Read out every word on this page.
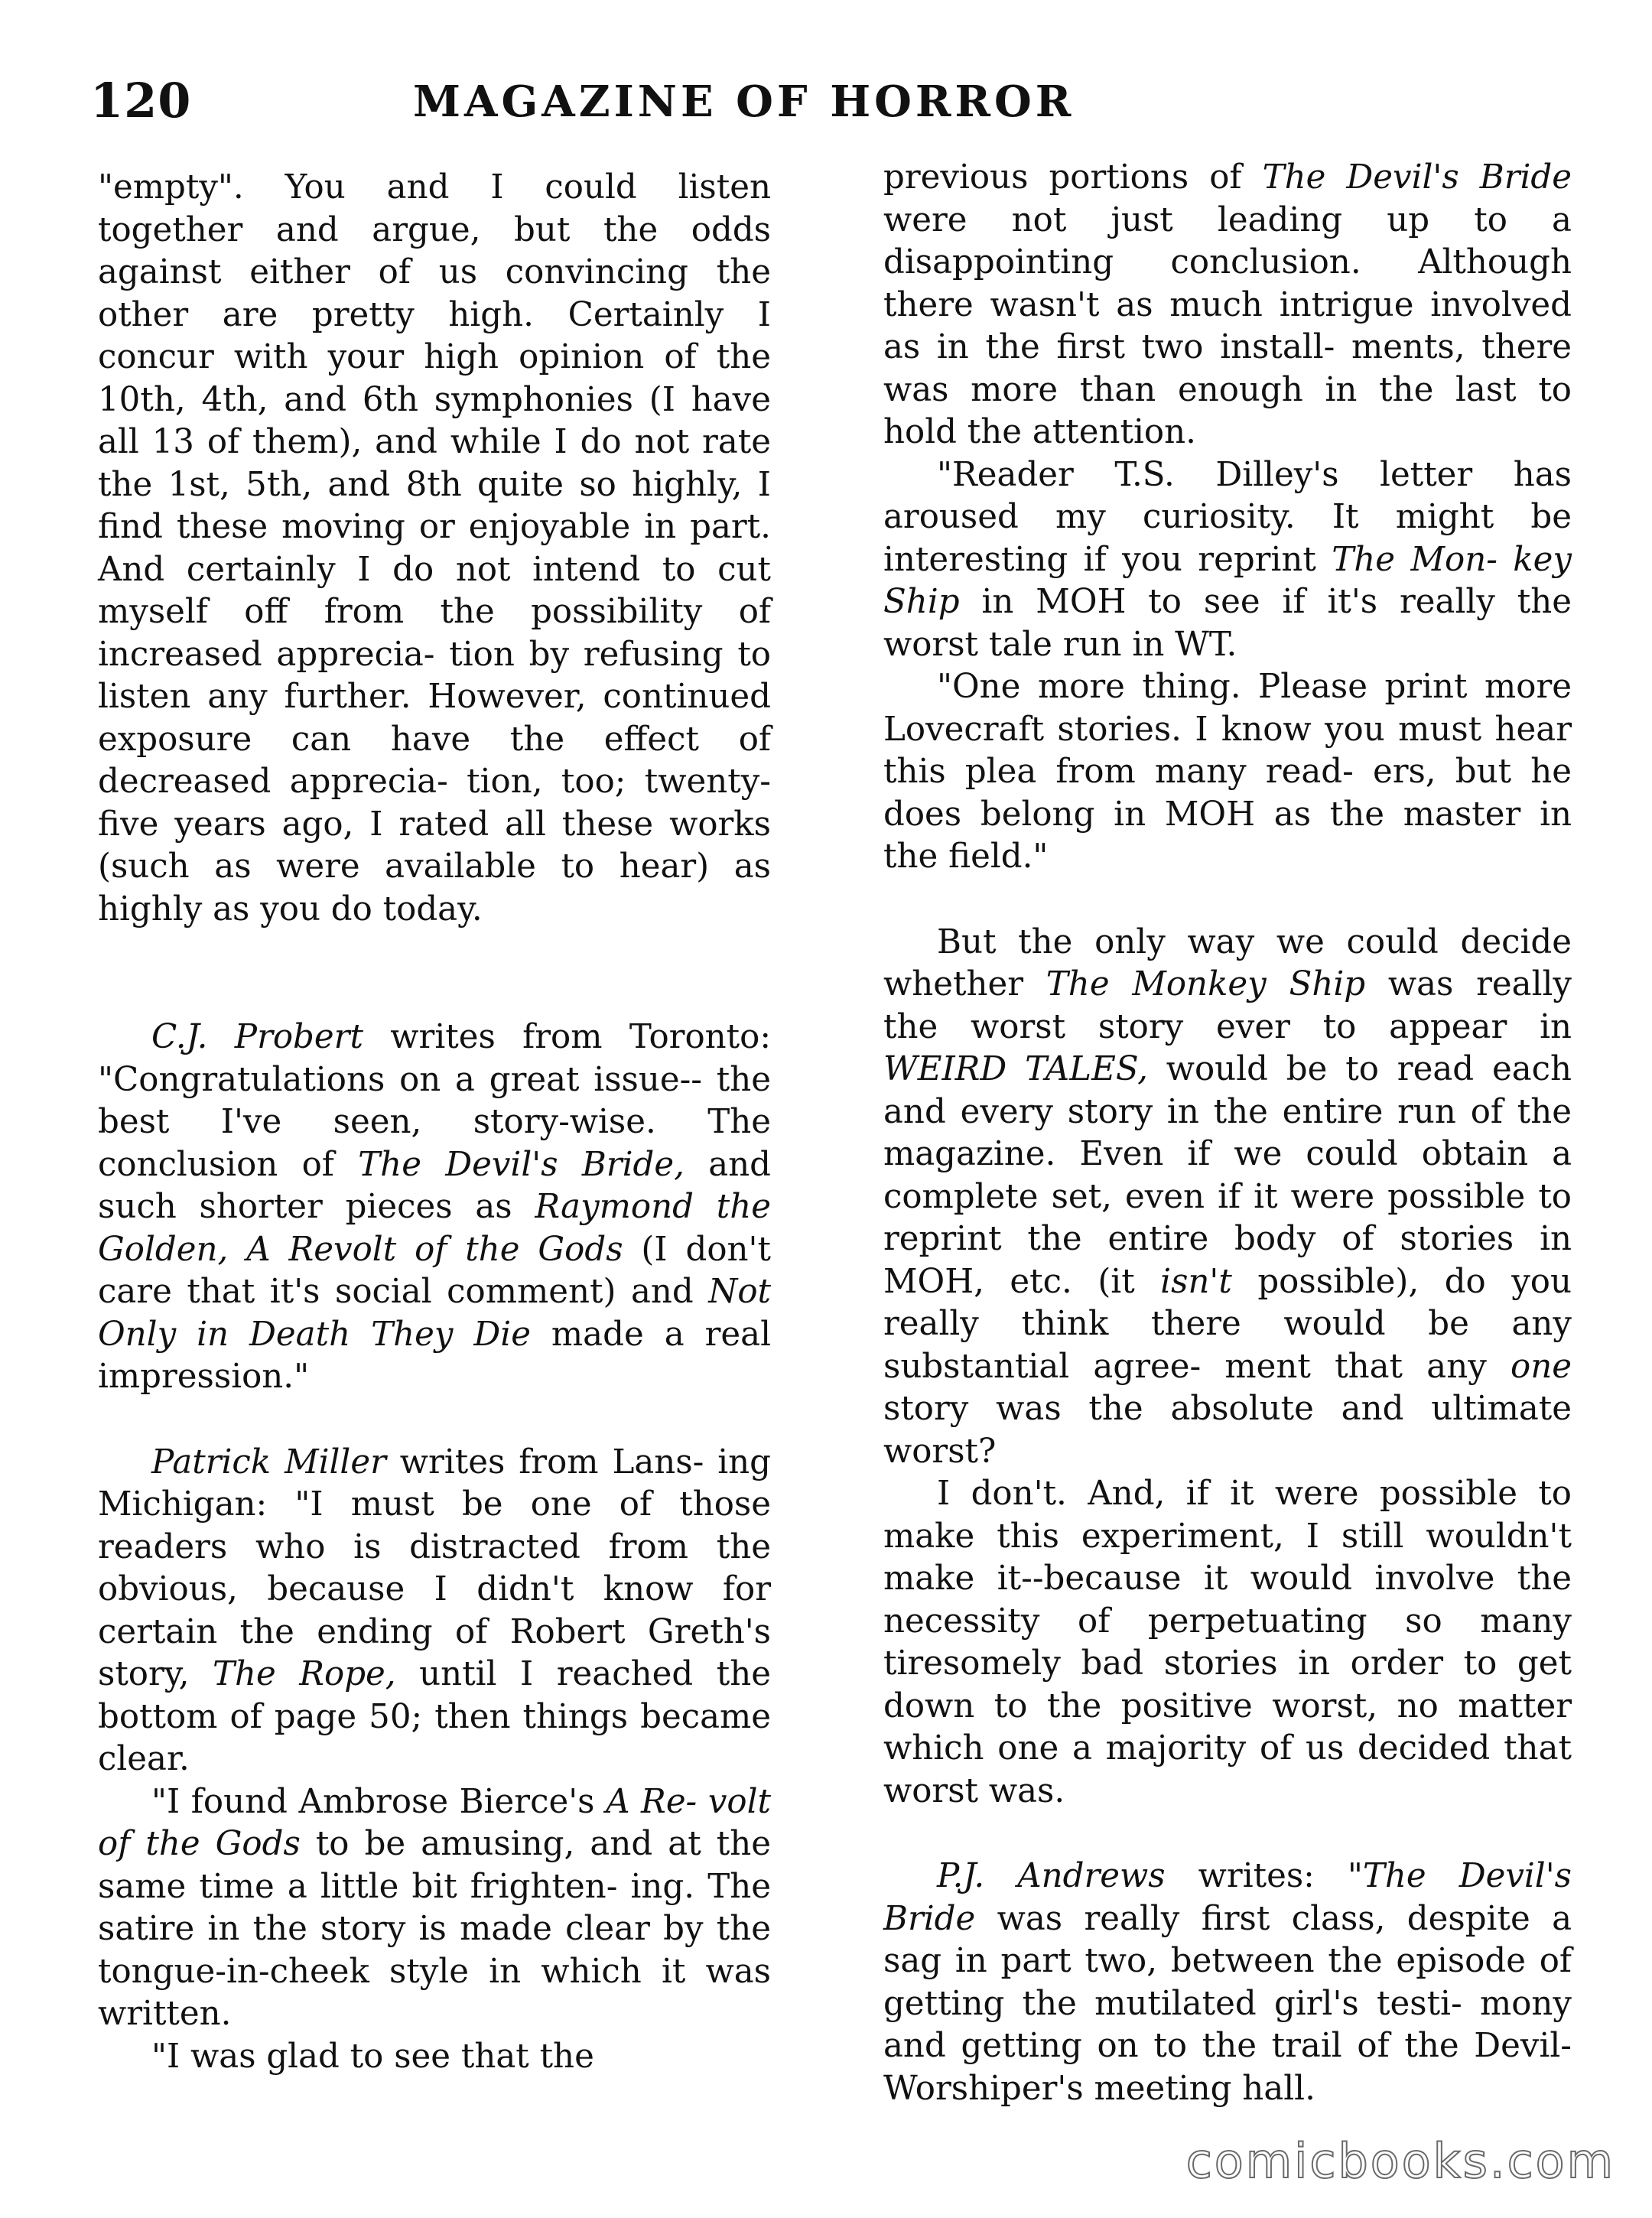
120	MAGAZINE OF HORROR

"empty". You and I could listen together and argue, but the odds against either of us convincing the other are pretty high. Certainly I concur with your high opinion of the 10th, 4th, and 6th symphonies (I have all 13 of them), and while I do not rate the 1st, 5th, and 8th quite so highly, I find these moving or enjoyable in part. And certainly I do not intend to cut myself off from the possibility of increased apprecia- tion by refusing to listen any further. However, continued exposure can have the effect of decreased apprecia- tion, too; twenty-five years ago, I rated all these works (such as were available to hear) as highly as you do today.

C.J. Probert writes from Toronto: "Congratulations on a great issue-- the best I've seen, story-wise. The conclusion of The Devil's Bride, and such shorter pieces as Raymond the Golden, A Revolt of the Gods (I don't care that it's social comment) and Not Only in Death They Die made a real impression."

Patrick Miller writes from Lans- ing Michigan: "I must be one of those readers who is distracted from the obvious, because I didn't know for certain the ending of Robert Greth's story, The Rope, until I reached the bottom of page 50; then things became clear.

"I found Ambrose Bierce's A Re- volt of the Gods to be amusing, and at the same time a little bit frighten- ing. The satire in the story is made clear by the tongue-in-cheek style in which it was written.

"I was glad to see that the

previous portions of The Devil's Bride were not just leading up to a disappointing conclusion. Although there wasn't as much intrigue involved as in the first two install- ments, there was more than enough in the last to hold the attention.

"Reader T.S. Dilley's letter has aroused my curiosity. It might be interesting if you reprint The Mon- key Ship in MOH to see if it's really the worst tale run in WT.

"One more thing. Please print more Lovecraft stories. I know you must hear this plea from many read- ers, but he does belong in MOH as the master in the field."

But the only way we could decide whether The Monkey Ship was really the worst story ever to appear in WEIRD TALES, would be to read each and every story in the entire run of the magazine. Even if we could obtain a complete set, even if it were possible to reprint the entire body of stories in MOH, etc. (it isn't possible), do you really think there would be any substantial agree- ment that any one story was the absolute and ultimate worst?

I don't. And, if it were possible to make this experiment, I still wouldn't make it--because it would involve the necessity of perpetuating so many tiresomely bad stories in order to get down to the positive worst, no matter which one a majority of us decided that worst was.

P.J. Andrews writes: "The Devil's Bride was really first class, despite a sag in part two, between the episode of getting the mutilated girl's testi- mony and getting on to the trail of the Devil-Worshiper's meeting hall.

comicbooks.com
